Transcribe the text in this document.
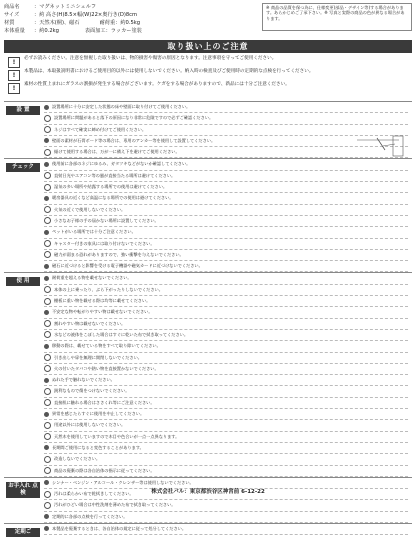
商品名	：マグネットミニシェルフ
サイズ	：約 高さ(H)8.5×幅(W)22×奥行き(D)8cm
材質	：天然木(桐)、磁石	耐荷重：約0.5kg
本体重量 ：約0.2kg　　　　　表面加工：ラッカー塗装
※ 商品の品質を保つ為に、仕様変更(部品・デザイン等)する場合があります。あらかじめご了承下さい。※ 写真と実際の商品の色が異なる場合があります。
取り扱い上のご注意
!
必ずお読みください。注意を無視した取り扱いは、物的損害や傷害の原因となります。注意事項を守ってご使用ください。
!
本製品は、本取扱説明書におけるご使用目的以外には使用しないでください。納入時の検査及びご使用時の定期的な点検を行ってください。
!
素材の性質上まれにガラスの割損が発生する場合がございます。ケガをする場合がありますので、新品には十分ご注意ください。
設 置
設置場所に十分に安定した状態の床や壁面に取り付けてご使用ください。
設置場所に問題があると落下の原因になり非常に危険ですので必ずご確認ください。
ネジはすべて確実に締め付けてご使用ください。
壁面の素材が石膏ボード等の場合は、専用のアンカー等を使用して設置してください。
傾けて使用する場合は、万が一に備え下を避けてご使用ください。
チェック
使用前に各部のネジにゆるみ、ガタツキなどがないか確認してください。
直射日光やエアコン等の風が直接当たる場所は避けてください。
湿気の多い場所や結露する場所での使用は避けてください。
暖房器具の近くなど高温になる場所での使用は避けてください。
火気の近くで使用しないでください。
小さなお子様の手の届かない場所に設置してください。
ペットがいる場所では十分ご注意ください。
キャスター付きの家具には取り付けないでください。
磁力が弱まる恐れがありますので、強い衝撃を与えないでください。
磁石に近づけると影響を受ける電子機器や磁気カードに近づけないでください。
使 用
耐荷重を超える物を載せないでください。
本体の上に乗ったり、ぶら下がったりしないでください。
棚板に重い物を載せる際は均等に載せてください。
不安定な物や転がりやすい物は載せないでください。
割れやすい物は載せないでください。
水などの液体をこぼした場合はすぐに乾いた布で拭き取ってください。
移動の際は、載せている物をすべて取り除いてください。
引き出しや扉を無理に開閉しないでください。
火の付いたタバコや熱い物を直接置かないでください。
ぬれた手で触れないでください。
鋭利なもので傷をつけないでください。
直接肌に触れる場合はささくれ等にご注意ください。
異常を感じたらすぐに使用を中止してください。
用途以外には使用しないでください。
天然木を使用していますので木目や色合いが一点一点異なります。
長期間ご使用になると変色することがあります。
改造しないでください。
商品の廃棄の際は各自治体の指示に従ってください。
お手入れ 点 検
シンナー・ベンジン・アルコール・クレンザー等は使用しないでください。
汚れは柔らかい布で乾拭きしてください。
汚れがひどい場合は中性洗剤を薄めた布で拭き取ってください。
定期的に各部の点検を行ってください。
定期ご
本製品を廃棄するときは、各自治体の規定に従って処分してください。
株式会社パル：東京都渋谷区神宮前 6-12-22
